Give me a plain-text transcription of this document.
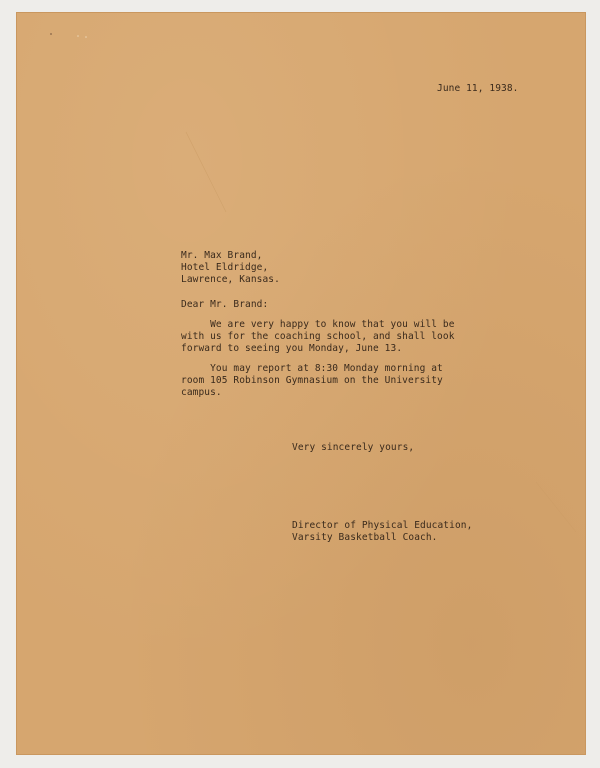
June 11, 1938.

Mr. Max Brand,

Hotel Eldridge,

Lawrence, Kansas.

Dear Mr. Brand:

We are very happy to know that you will be

with us for the coaching school, and shall look

forward to seeing you Monday, June 13.

You may report at 8:30 Monday morning at

room 105 Robinson Gymnasium on the University

campus.

Very sincerely yours,

Director of Physical Education,

Varsity Basketball Coach.
